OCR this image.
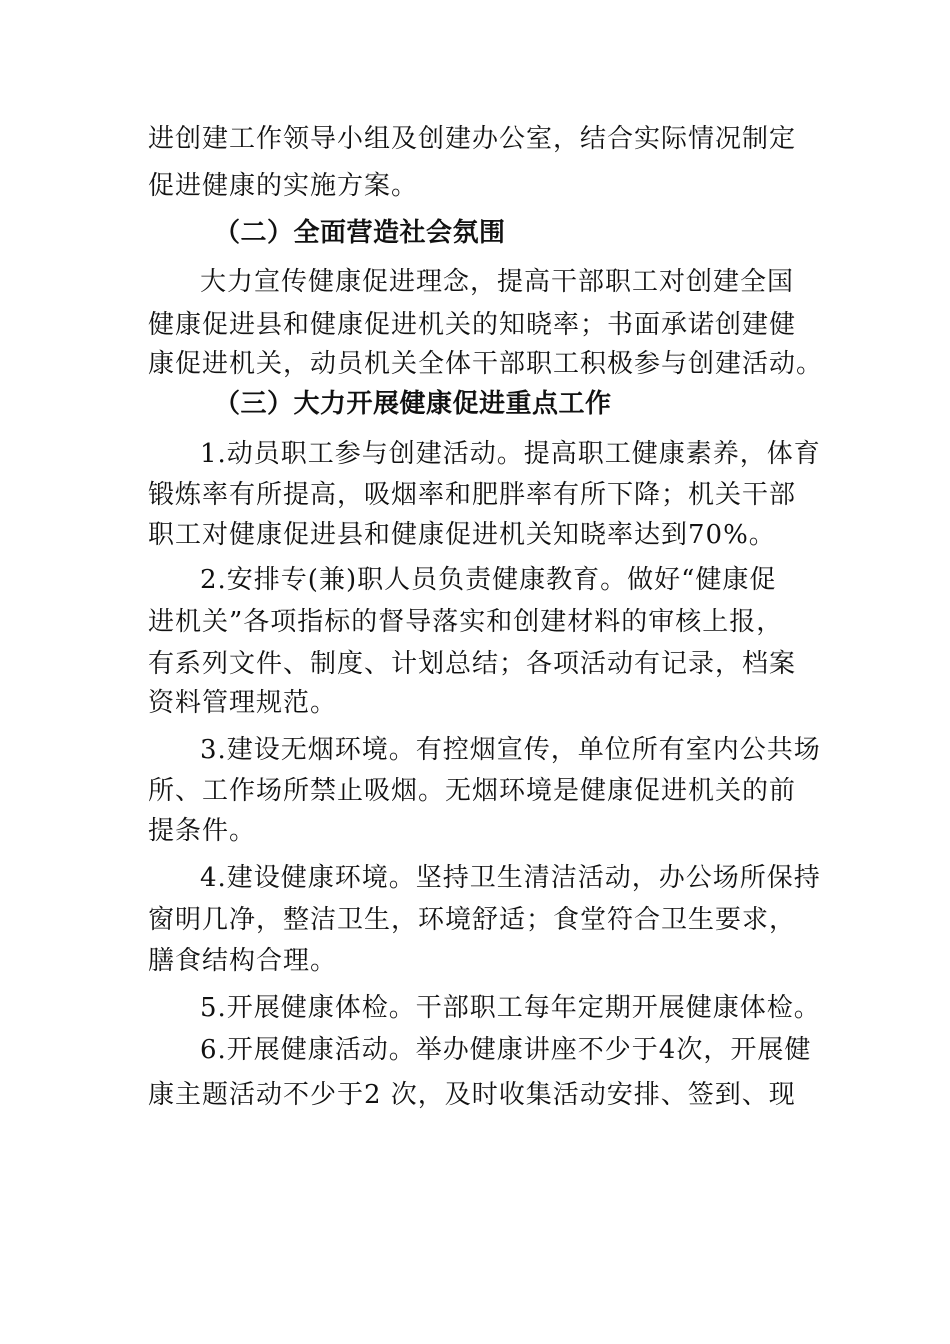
进创建工作领导小组及创建办公室，结合实际情况制定
促进健康的实施方案。
（二）全面营造社会氛围
大力宣传健康促进理念，提高干部职工对创建全国
健康促进县和健康促进机关的知晓率；书面承诺创建健
康促进机关，动员机关全体干部职工积极参与创建活动。
（三）大力开展健康促进重点工作
1.动员职工参与创建活动。提高职工健康素养，体育
锻炼率有所提高，吸烟率和肥胖率有所下降；机关干部
职工对健康促进县和健康促进机关知晓率达到70%。
2.安排专(兼)职人员负责健康教育。做好“健康促
进机关”各项指标的督导落实和创建材料的审核上报，
有系列文件、制度、计划总结；各项活动有记录，档案
资料管理规范。
3.建设无烟环境。有控烟宣传，单位所有室内公共场
所、工作场所禁止吸烟。无烟环境是健康促进机关的前
提条件。
4.建设健康环境。坚持卫生清洁活动，办公场所保持
窗明几净，整洁卫生，环境舒适；食堂符合卫生要求，
膳食结构合理。
5.开展健康体检。干部职工每年定期开展健康体检。
6.开展健康活动。举办健康讲座不少于4次，开展健
康主题活动不少于2 次，及时收集活动安排、签到、现
